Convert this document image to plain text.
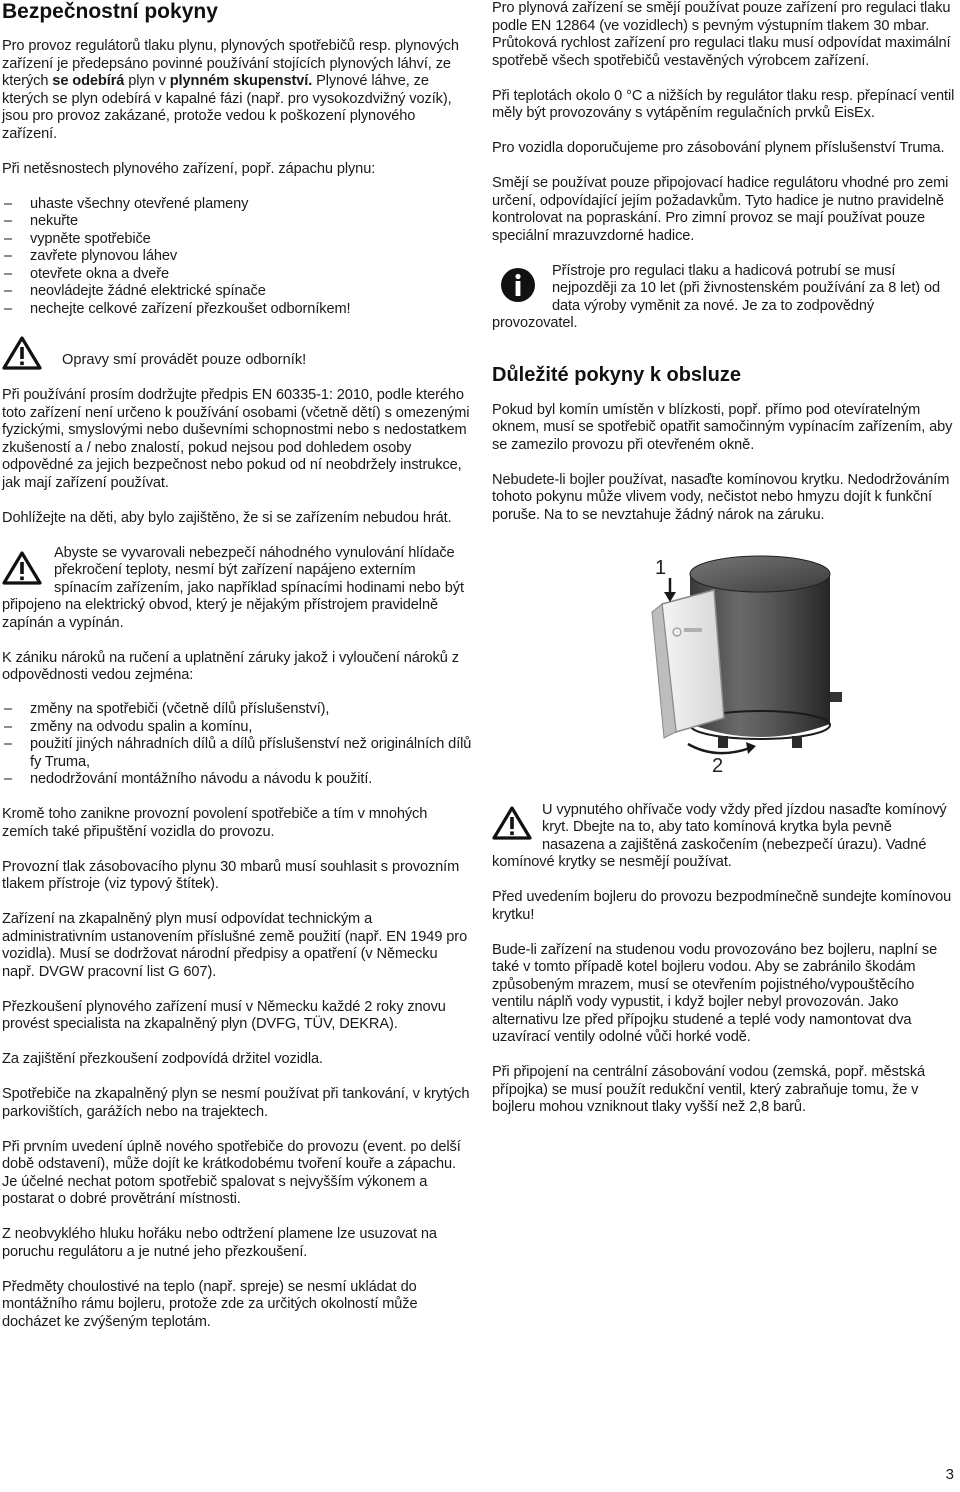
Bezpečnostní pokyny

Pro provoz regulátorů tlaku plynu, plynových spotřebičů resp. plynových zařízení je předepsáno povinné používání stojících plynových láhví, ze kterých se odebírá plyn v plynném skupenství. Plynové láhve, ze kterých se plyn odebírá v kapalné fázi (např. pro vysokozdvižný vozík), jsou pro provoz zakázané, protože vedou k poškození plynového zařízení.

Při netěsnostech plynového zařízení, popř. zápachu plynu:

– uhaste všechny otevřené plameny
– nekuřte
– vypněte spotřebiče
– zavřete plynovou láhev
– otevřete okna a dveře
– neovládejte žádné elektrické spínače
– nechejte celkové zařízení přezkoušet odborníkem!
Opravy smí provádět pouze odborník!

Při používání prosím dodržujte předpis EN 60335-1: 2010, podle kterého toto zařízení není určeno k používání osobami (včetně dětí) s omezenými fyzickými, smyslovými nebo duševními schopnostmi nebo s nedostatkem zkušeností a / nebo znalostí, pokud nejsou pod dohledem osoby odpovědné za jejich bezpečnost nebo pokud od ní neobdržely instrukce, jak mají zařízení používat.

Dohlížejte na děti, aby bylo zajištěno, že si se zařízením nebudou hrát.

Abyste se vyvarovali nebezpečí náhodného vynulování hlídače překročení teploty, nesmí být zařízení napájeno externím spínacím zařízením, jako například spínacími hodinami nebo být připojeno na elektrický obvod, který je nějakým přístrojem pravidelně zapínán a vypínán.

K zániku nároků na ručení a uplatnění záruky jakož i vyloučení nároků z odpovědnosti vedou zejména:

– změny na spotřebiči (včetně dílů příslušenství),
– změny na odvodu spalin a komínu,
– použití jiných náhradních dílů a dílů příslušenství než originálních dílů fy Truma,
– nedodržování montážního návodu a návodu k použití.

Kromě toho zanikne provozní povolení spotřebiče a tím v mnohých zemích také připuštění vozidla do provozu.

Provozní tlak zásobovacího plynu 30 mbarů musí souhlasit s provozním tlakem přístroje (viz typový štítek).

Zařízení na zkapalněný plyn musí odpovídat technickým a administrativním ustanovením příslušné země použití (např. EN 1949 pro vozidla). Musí se dodržovat národní předpisy a opatření (v Německu např. DVGW pracovní list G 607).

Přezkoušení plynového zařízení musí v Německu každé 2 roky znovu provést specialista na zkapalněný plyn (DVFG, TÜV, DEKRA).

Za zajištění přezkoušení zodpovídá držitel vozidla.

Spotřebiče na zkapalněný plyn se nesmí používat při tankování, v krytých parkovištích, garážích nebo na trajektech.

Při prvním uvedení úplně nového spotřebiče do provozu (event. po delší době odstavení), může dojít ke krátkodobému tvoření kouře a zápachu. Je účelné nechat potom spotřebič spalovat s nejvyšším výkonem a postarat o dobré provětrání místnosti.

Z neobvyklého hluku hořáku nebo odtržení plamene lze usuzovat na poruchu regulátoru a je nutné jeho přezkoušení.

Předměty choulostivé na teplo (např. spreje) se nesmí ukládat do montážního rámu bojleru, protože zde za určitých okolností může docházet ke zvýšeným teplotám.

Pro plynová zařízení se smějí používat pouze zařízení pro regulaci tlaku podle EN 12864 (ve vozidlech) s pevným výstupním tlakem 30 mbar. Průtoková rychlost zařízení pro regulaci tlaku musí odpovídat maximální spotřebě všech spotřebičů vestavěných výrobcem zařízení.

Při teplotách okolo 0 °C a nižších by regulátor tlaku resp. přepínací ventil měly být provozovány s vytápěním regulačních prvků EisEx.

Pro vozidla doporučujeme pro zásobování plynem příslušenství Truma.

Smějí se používat pouze připojovací hadice regulátoru vhodné pro zemi určení, odpovídající jejím požadavkům. Tyto hadice je nutno pravidelně kontrolovat na popraskání. Pro zimní provoz se mají používat pouze speciální mrazuvzdorné hadice.

Přístroje pro regulaci tlaku a hadicová potrubí se musí nejpozději za 10 let (při živnostenském používání za 8 let) od data výroby vyměnit za nové. Je za to zodpovědný provozovatel.

Důležité pokyny k obsluze

Pokud byl komín umístěn v blízkosti, popř. přímo pod otevíratelným oknem, musí se spotřebič opatřit samočinným vypínacím zařízením, aby se zamezilo provozu při otevřeném okně.

Nebudete-li bojler používat, nasaďte komínovou krytku. Nedodržováním tohoto pokynu může vlivem vody, nečistot nebo hmyzu dojít k funkční poruše. Na to se nevztahuje žádný nárok na záruku.

1
2

U vypnutého ohřívače vody vždy před jízdou nasaďte komínový kryt. Dbejte na to, aby tato komínová krytka byla pevně nasazena a zajištěná zaskočením (nebezpečí úrazu). Vadné komínové krytky se nesmějí používat.

Před uvedením bojleru do provozu bezpodmínečně sundejte komínovou krytku!

Bude-li zařízení na studenou vodu provozováno bez bojleru, naplní se také v tomto případě kotel bojleru vodou. Aby se zabránilo škodám způsobeným mrazem, musí se otevřením pojistného/vypouštěcího ventilu náplň vody vypustit, i když bojler nebyl provozován. Jako alternativu lze před přípojku studené a teplé vody namontovat dva uzavírací ventily odolné vůči horké vodě.

Při připojení na centrální zásobování vodou (zemská, popř. městská přípojka) se musí použít redukční ventil, který zabraňuje tomu, že v bojleru mohou vzniknout tlaky vyšší než 2,8 barů.

3
